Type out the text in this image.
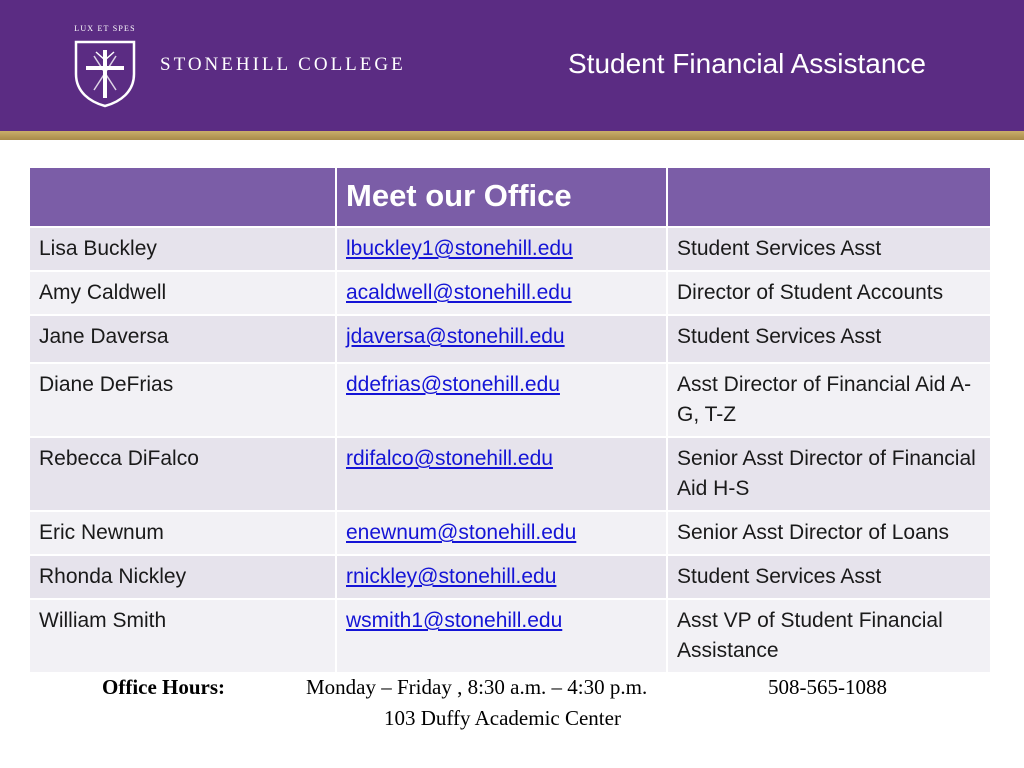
LUX ET SPES
STONEHILL COLLEGE	Student Financial Assistance
	Meet our Office	
Lisa Buckley	lbuckley1@stonehill.edu	Student Services Asst
Amy Caldwell	acaldwell@stonehill.edu	Director of Student Accounts
Jane Daversa	jdaversa@stonehill.edu	Student Services Asst
Diane DeFrias	ddefrias@stonehill.edu	Asst Director of Financial Aid A-G, T-Z
Rebecca DiFalco	rdifalco@stonehill.edu	Senior Asst Director of Financial Aid H-S
Eric Newnum	enewnum@stonehill.edu	Senior Asst Director of Loans
Rhonda Nickley	rnickley@stonehill.edu	Student Services Asst
William Smith	wsmith1@stonehill.edu	Asst VP of Student Financial Assistance
Office Hours:	Monday – Friday , 8:30 a.m. – 4:30 p.m.	508-565-1088
103 Duffy Academic Center
